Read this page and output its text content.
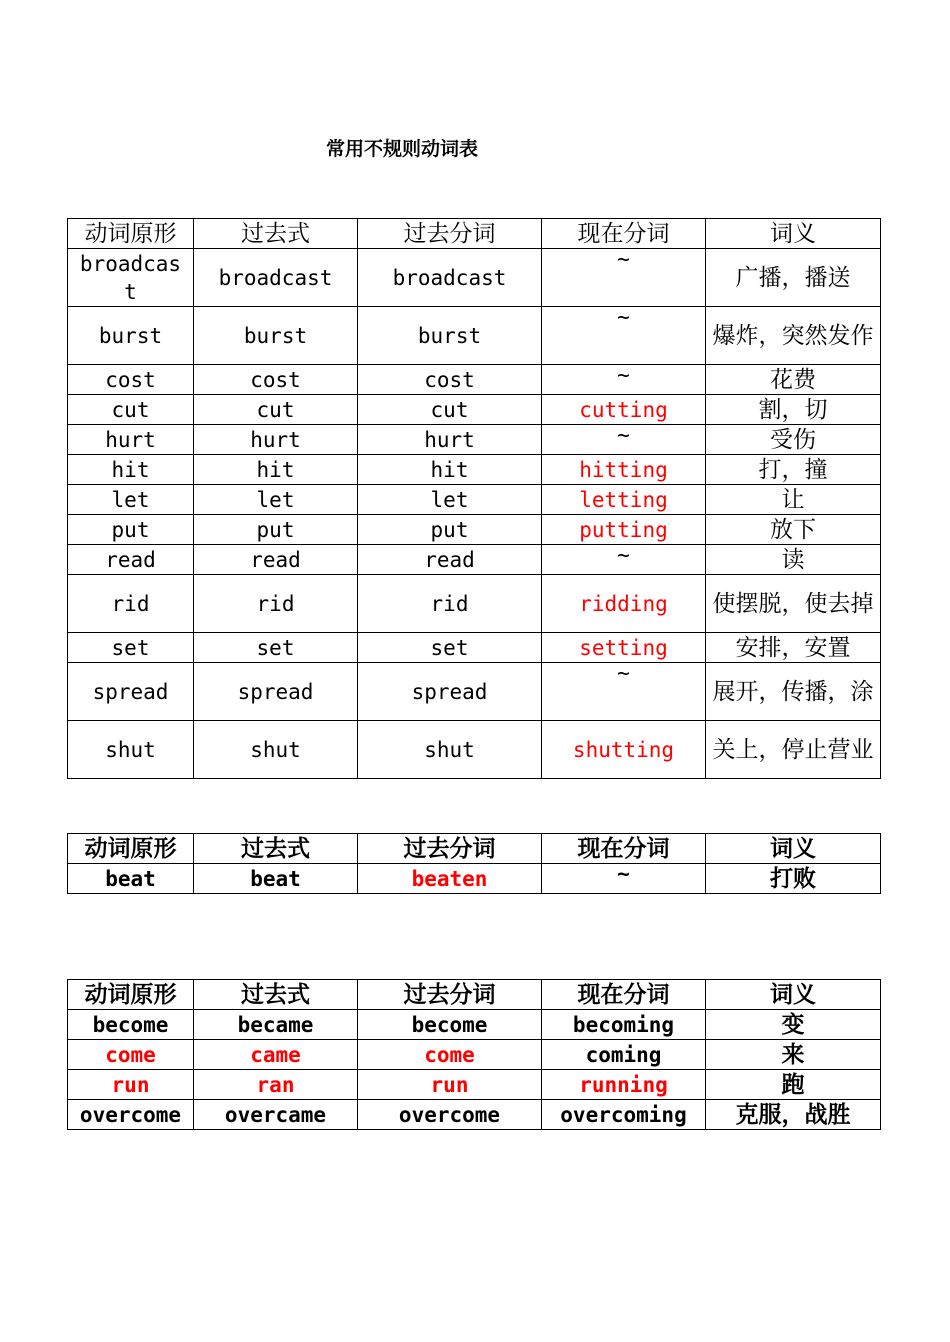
常用不规则动词表
动词原形	过去式	过去分词	现在分词	词义
broadcast	broadcast	broadcast	~	广播，播送
burst	burst	burst	~	爆炸，突然发作
cost	cost	cost	~	花费
cut	cut	cut	cutting	割，切
hurt	hurt	hurt	~	受伤
hit	hit	hit	hitting	打，撞
let	let	let	letting	让
put	put	put	putting	放下
read	read	read	~	读
rid	rid	rid	ridding	使摆脱，使去掉
set	set	set	setting	安排，安置
spread	spread	spread	~	展开，传播，涂
shut	shut	shut	shutting	关上，停止营业
动词原形	过去式	过去分词	现在分词	词义
beat	beat	beaten	~	打败
动词原形	过去式	过去分词	现在分词	词义
become	became	become	becoming	变
come	came	come	coming	来
run	ran	run	running	跑
overcome	overcame	overcome	overcoming	克服，战胜
